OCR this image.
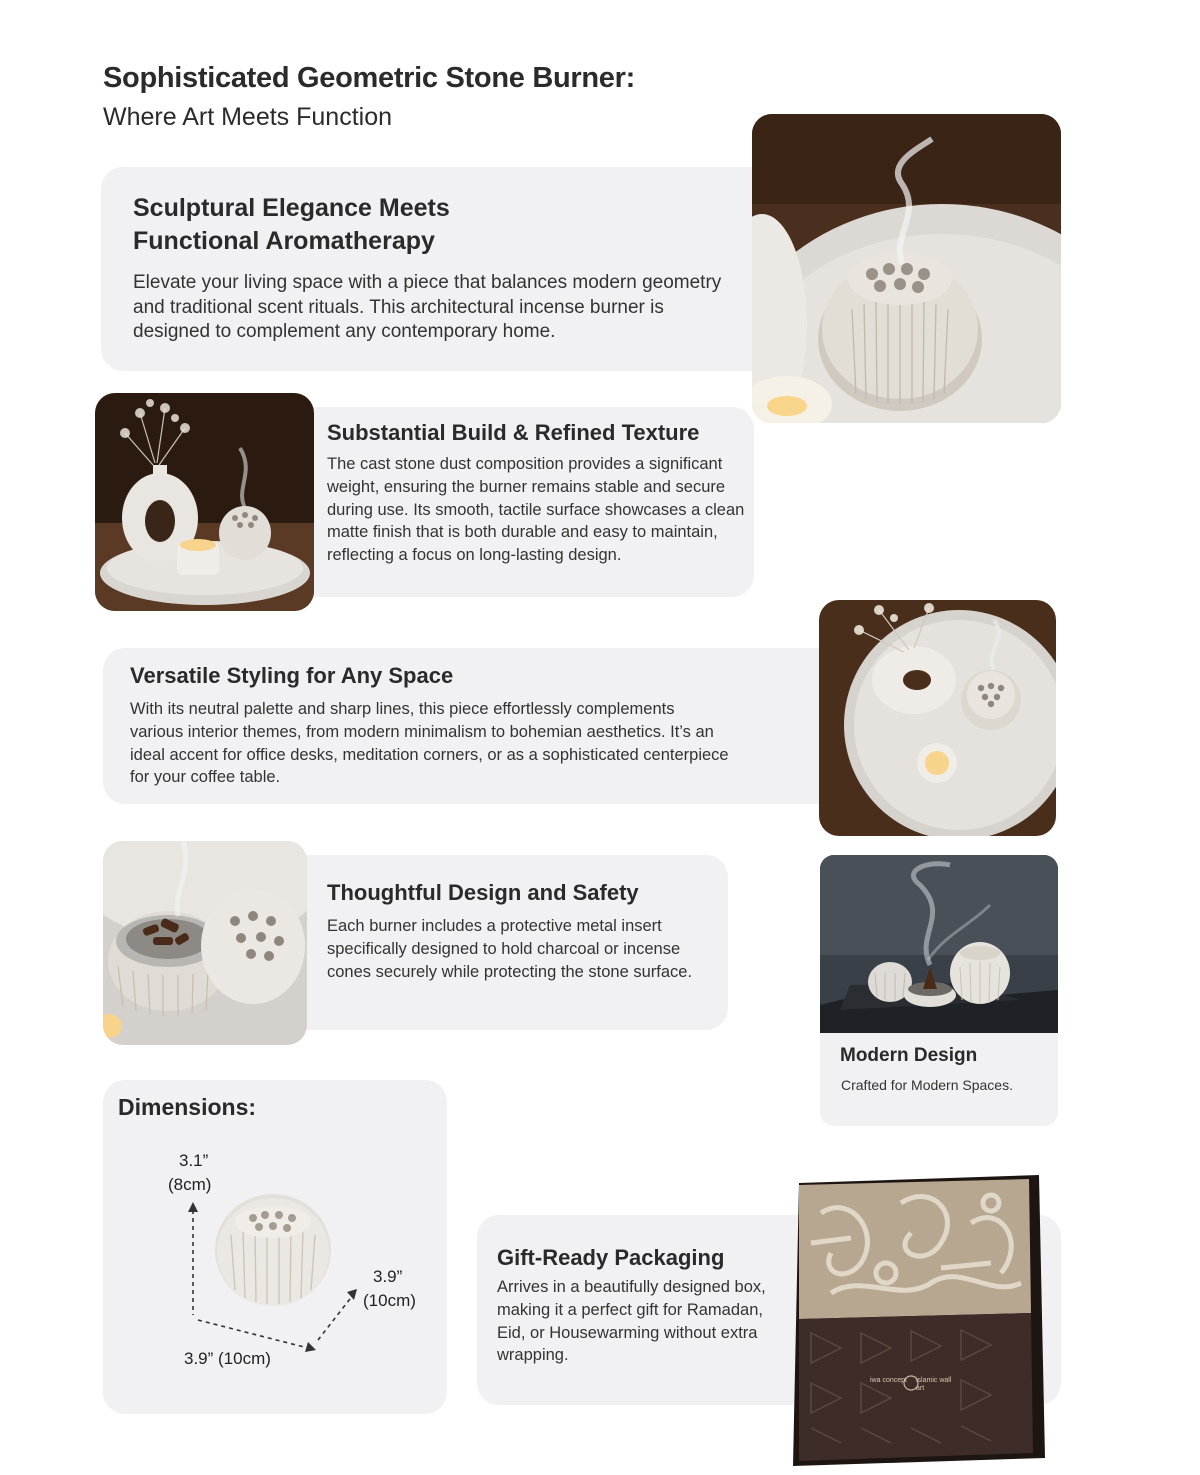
Sophisticated Geometric Stone Burner:
Where Art Meets Function
Sculptural Elegance Meets
Functional Aromatherapy
Elevate your living space with a piece that balances modern geometry and traditional scent rituals. This architectural incense burner is designed to complement any contemporary home.
Substantial Build & Refined Texture
The cast stone dust composition provides a significant weight, ensuring the burner remains stable and secure during use. Its smooth, tactile surface showcases a clean matte finish that is both durable and easy to maintain, reflecting a focus on long-lasting design.
Versatile Styling for Any Space
With its neutral palette and sharp lines, this piece effortlessly complements various interior themes, from modern minimalism to bohemian aesthetics. It’s an ideal accent for office desks, meditation corners, or as a sophisticated centerpiece for your coffee table.
Thoughtful Design and Safety
Each burner includes a protective metal insert specifically designed to hold charcoal or incense cones securely while protecting the stone surface.
Modern Design
Crafted for Modern Spaces.
Dimensions:
3.1”
(8cm)
3.9”
(10cm)
3.9” (10cm)
Gift-Ready Packaging
Arrives in a beautifully designed box, making it a perfect gift for Ramadan, Eid, or Housewarming without extra wrapping.
iwa concept	islamic wall art
